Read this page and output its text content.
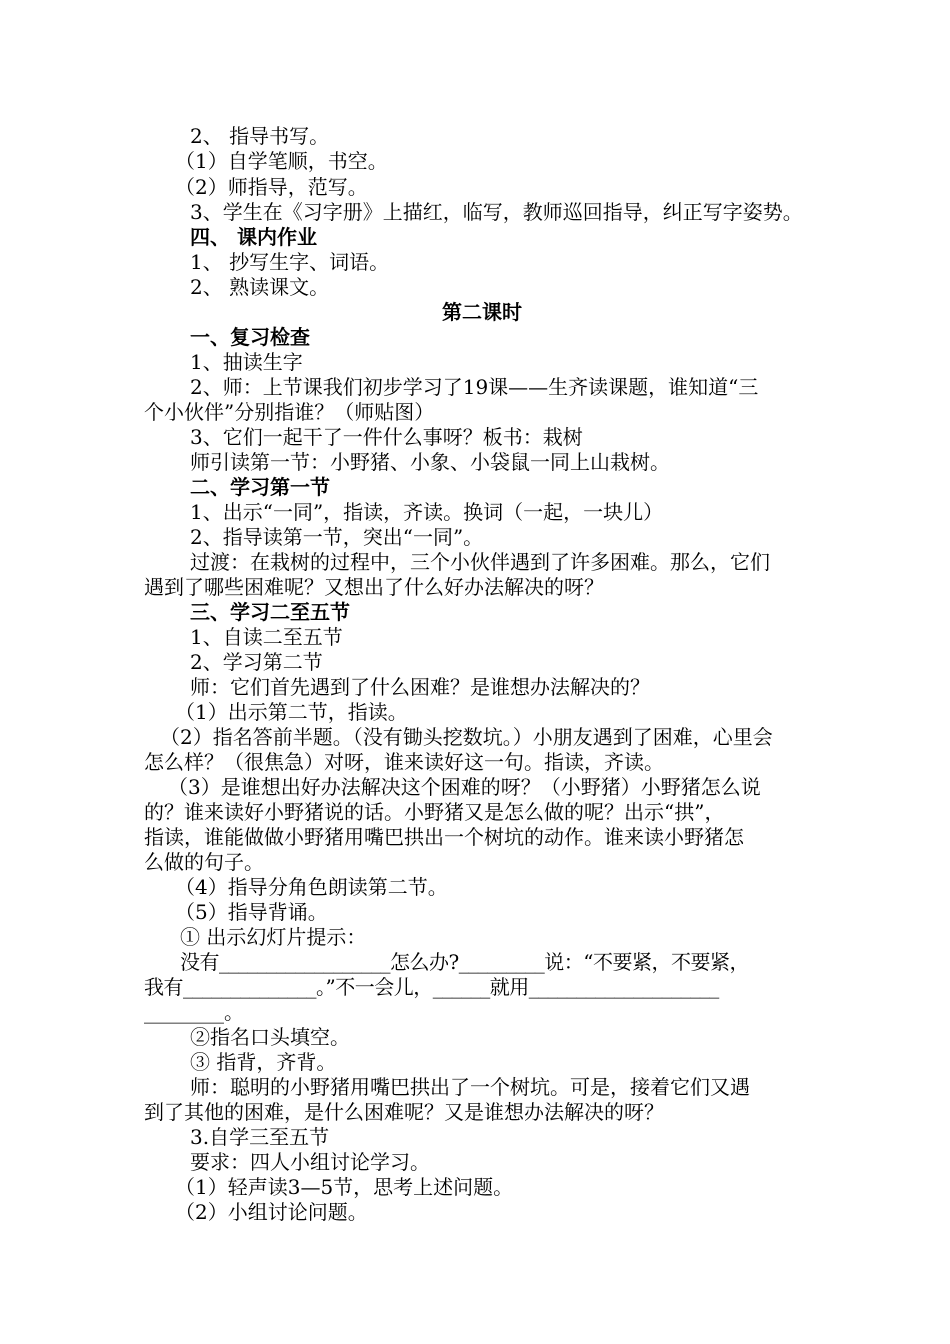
2、 指导书写。
（1）自学笔顺，书空。
（2）师指导，范写。
3、学生在《习字册》上描红，临写，教师巡回指导，纠正写字姿势。
四、 课内作业
1、 抄写生字、词语。
2、 熟读课文。
第二课时
一、复习检查
1、抽读生字
2、师：上节课我们初步学习了19课——生齐读课题，谁知道“三
个小伙伴”分别指谁？（师贴图）
3、它们一起干了一件什么事呀？板书：栽树
师引读第一节：小野猪、小象、小袋鼠一同上山栽树。
二、学习第一节
1、出示“一同”，指读，齐读。换词（一起，一块儿）
2、指导读第一节，突出“一同”。
过渡：在栽树的过程中，三个小伙伴遇到了许多困难。那么，它们
遇到了哪些困难呢？又想出了什么好办法解决的呀？
三、学习二至五节
1、自读二至五节
2、学习第二节
师：它们首先遇到了什么困难？是谁想办法解决的？
（1）出示第二节，指读。
（2）指名答前半题。（没有锄头挖数坑。）小朋友遇到了困难，心里会
怎么样？（很焦急）对呀，谁来读好这一句。指读，齐读。
（3）是谁想出好办法解决这个困难的呀？（小野猪）小野猪怎么说
的？谁来读好小野猪说的话。小野猪又是怎么做的呢？出示“拱”，
指读，谁能做做小野猪用嘴巴拱出一个树坑的动作。谁来读小野猪怎
么做的句子。
（4）指导分角色朗读第二节。
（5）指导背诵。
① 出示幻灯片提示：
没有__________________怎么办?_________说：“不要紧，不要紧，
我有______________。”不一会儿，______就用____________________
________。
②指名口头填空。
③ 指背，齐背。
师：聪明的小野猪用嘴巴拱出了一个树坑。可是，接着它们又遇
到了其他的困难，是什么困难呢？又是谁想办法解决的呀？
3.自学三至五节
要求：四人小组讨论学习。
（1）轻声读3—5节，思考上述问题。
（2）小组讨论问题。
